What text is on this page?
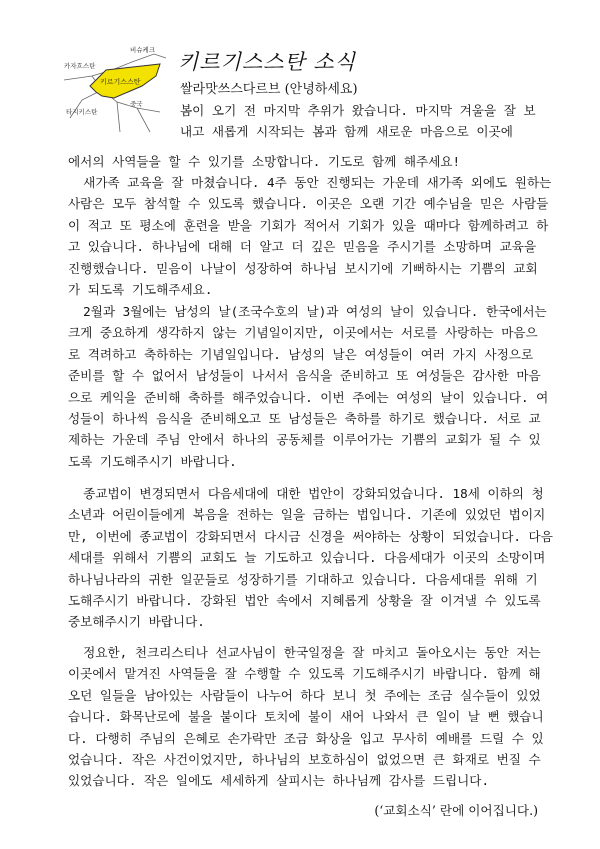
카자흐스탄
비슈케크
키르기스스탄
타지키스탄
중국
키르기스스탄 소식
쌀라맛쓰스다르브 (안녕하세요)
봄이 오기 전 마지막 추위가 왔습니다. 마지막 겨울을 잘 보
내고 새롭게 시작되는 봄과 함께 새로운 마음으로 이곳에
에서의 사역들을 할 수 있기를 소망합니다. 기도로 함께 해주세요!
새가족 교육을 잘 마쳤습니다. 4주 동안 진행되는 가운데 새가족 외에도 원하는
사람은 모두 참석할 수 있도록 했습니다. 이곳은 오랜 기간 예수님을 믿은 사람들
이 적고 또 평소에 훈련을 받을 기회가 적어서 기회가 있을 때마다 함께하려고 하
고 있습니다. 하나님에 대해 더 알고 더 깊은 믿음을 주시기를 소망하며 교육을
진행했습니다. 믿음이 나날이 성장하여 하나님 보시기에 기뻐하시는 기쁨의 교회
가 되도록 기도해주세요.
2월과 3월에는 남성의 날(조국수호의 날)과 여성의 날이 있습니다. 한국에서는
크게 중요하게 생각하지 않는 기념일이지만, 이곳에서는 서로를 사랑하는 마음으
로 격려하고 축하하는 기념일입니다. 남성의 날은 여성들이 여러 가지 사정으로
준비를 할 수 없어서 남성들이 나서서 음식을 준비하고 또 여성들은 감사한 마음
으로 케익을 준비해 축하를 해주었습니다. 이번 주에는 여성의 날이 있습니다. 여
성들이 하나씩 음식을 준비해오고 또 남성들은 축하를 하기로 했습니다. 서로 교
제하는 가운데 주님 안에서 하나의 공동체를 이루어가는 기쁨의 교회가 될 수 있
도록 기도해주시기 바랍니다.
종교법이 변경되면서 다음세대에 대한 법안이 강화되었습니다. 18세 이하의 청
소년과 어린이들에게 복음을 전하는 일을 금하는 법입니다. 기존에 있었던 법이지
만, 이번에 종교법이 강화되면서 다시금 신경을 써야하는 상황이 되었습니다. 다음
세대를 위해서 기쁨의 교회도 늘 기도하고 있습니다. 다음세대가 이곳의 소망이며
하나님나라의 귀한 일꾼들로 성장하기를 기대하고 있습니다. 다음세대를 위해 기
도해주시기 바랍니다. 강화된 법안 속에서 지혜롭게 상황을 잘 이겨낼 수 있도록
중보해주시기 바랍니다.
정요한, 천크리스티나 선교사님이 한국일정을 잘 마치고 돌아오시는 동안 저는
이곳에서 맡겨진 사역들을 잘 수행할 수 있도록 기도해주시기 바랍니다. 함께 해
오던 일들을 남아있는 사람들이 나누어 하다 보니 첫 주에는 조금 실수들이 있었
습니다. 화목난로에 불을 붙이다 토치에 불이 새어 나와서 큰 일이 날 뻔 했습니
다. 다행히 주님의 은혜로 손가락만 조금 화상을 입고 무사히 예배를 드릴 수 있
었습니다. 작은 사건이었지만, 하나님의 보호하심이 없었으면 큰 화재로 번질 수
있었습니다. 작은 일에도 세세하게 살피시는 하나님께 감사를 드립니다.
(‘교회소식’ 란에 이어집니다.)
